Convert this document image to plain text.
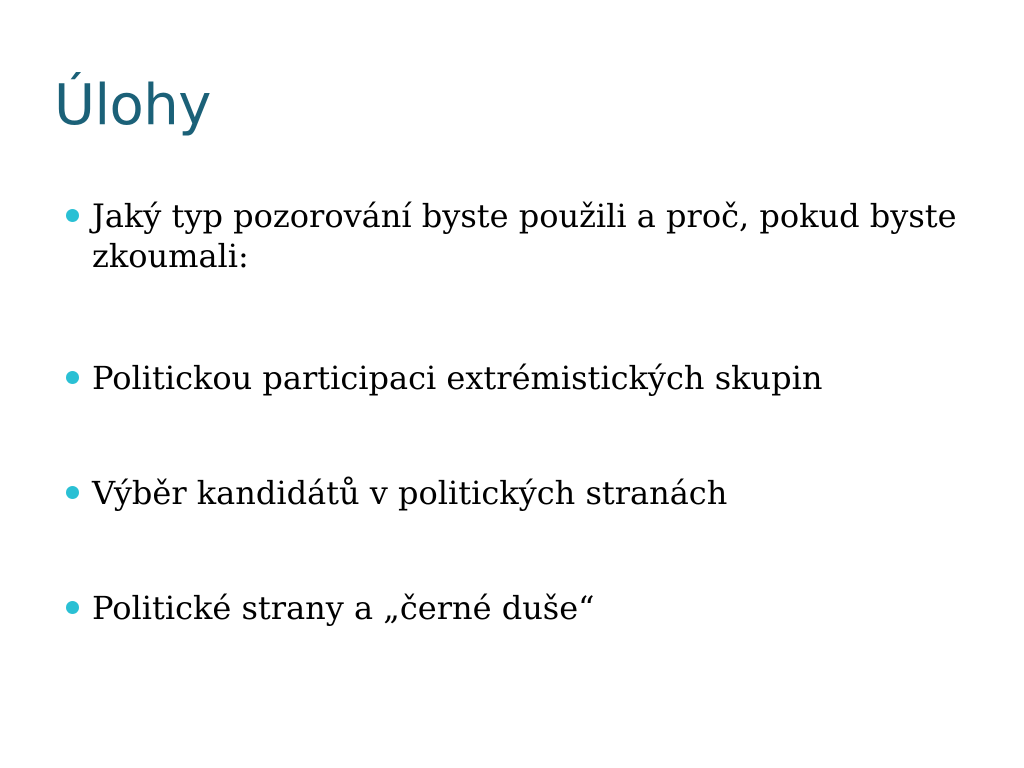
Úlohy
Jaký typ pozorování byste použili a proč, pokud byste zkoumali:
Politickou participaci extrémistických skupin
Výběr kandidátů v politických stranách
Politické strany a „černé duše“
